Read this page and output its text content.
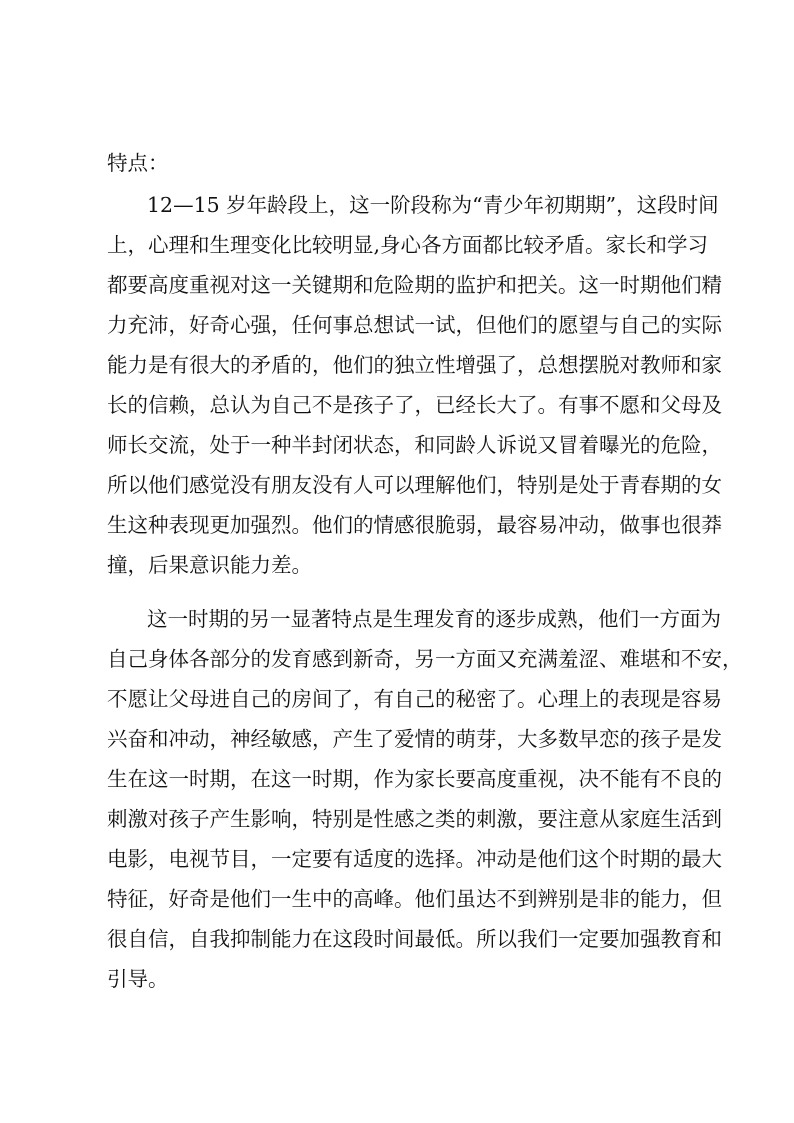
特点：
12—15 岁年龄段上，这一阶段称为“青少年初期期”，这段时间
上，心理和生理变化比较明显,身心各方面都比较矛盾。家长和学习
都要高度重视对这一关键期和危险期的监护和把关。这一时期他们精
力充沛，好奇心强，任何事总想试一试，但他们的愿望与自己的实际
能力是有很大的矛盾的，他们的独立性增强了，总想摆脱对教师和家
长的信赖，总认为自己不是孩子了，已经长大了。有事不愿和父母及
师长交流，处于一种半封闭状态，和同龄人诉说又冒着曝光的危险，
所以他们感觉没有朋友没有人可以理解他们，特别是处于青春期的女
生这种表现更加强烈。他们的情感很脆弱，最容易冲动，做事也很莽
撞，后果意识能力差。
这一时期的另一显著特点是生理发育的逐步成熟，他们一方面为
自己身体各部分的发育感到新奇，另一方面又充满羞涩、难堪和不安，
不愿让父母进自己的房间了，有自己的秘密了。心理上的表现是容易
兴奋和冲动，神经敏感，产生了爱情的萌芽，大多数早恋的孩子是发
生在这一时期，在这一时期，作为家长要高度重视，决不能有不良的
刺激对孩子产生影响，特别是性感之类的刺激，要注意从家庭生活到
电影，电视节目，一定要有适度的选择。冲动是他们这个时期的最大
特征，好奇是他们一生中的高峰。他们虽达不到辨别是非的能力，但
很自信，自我抑制能力在这段时间最低。所以我们一定要加强教育和
引导。
